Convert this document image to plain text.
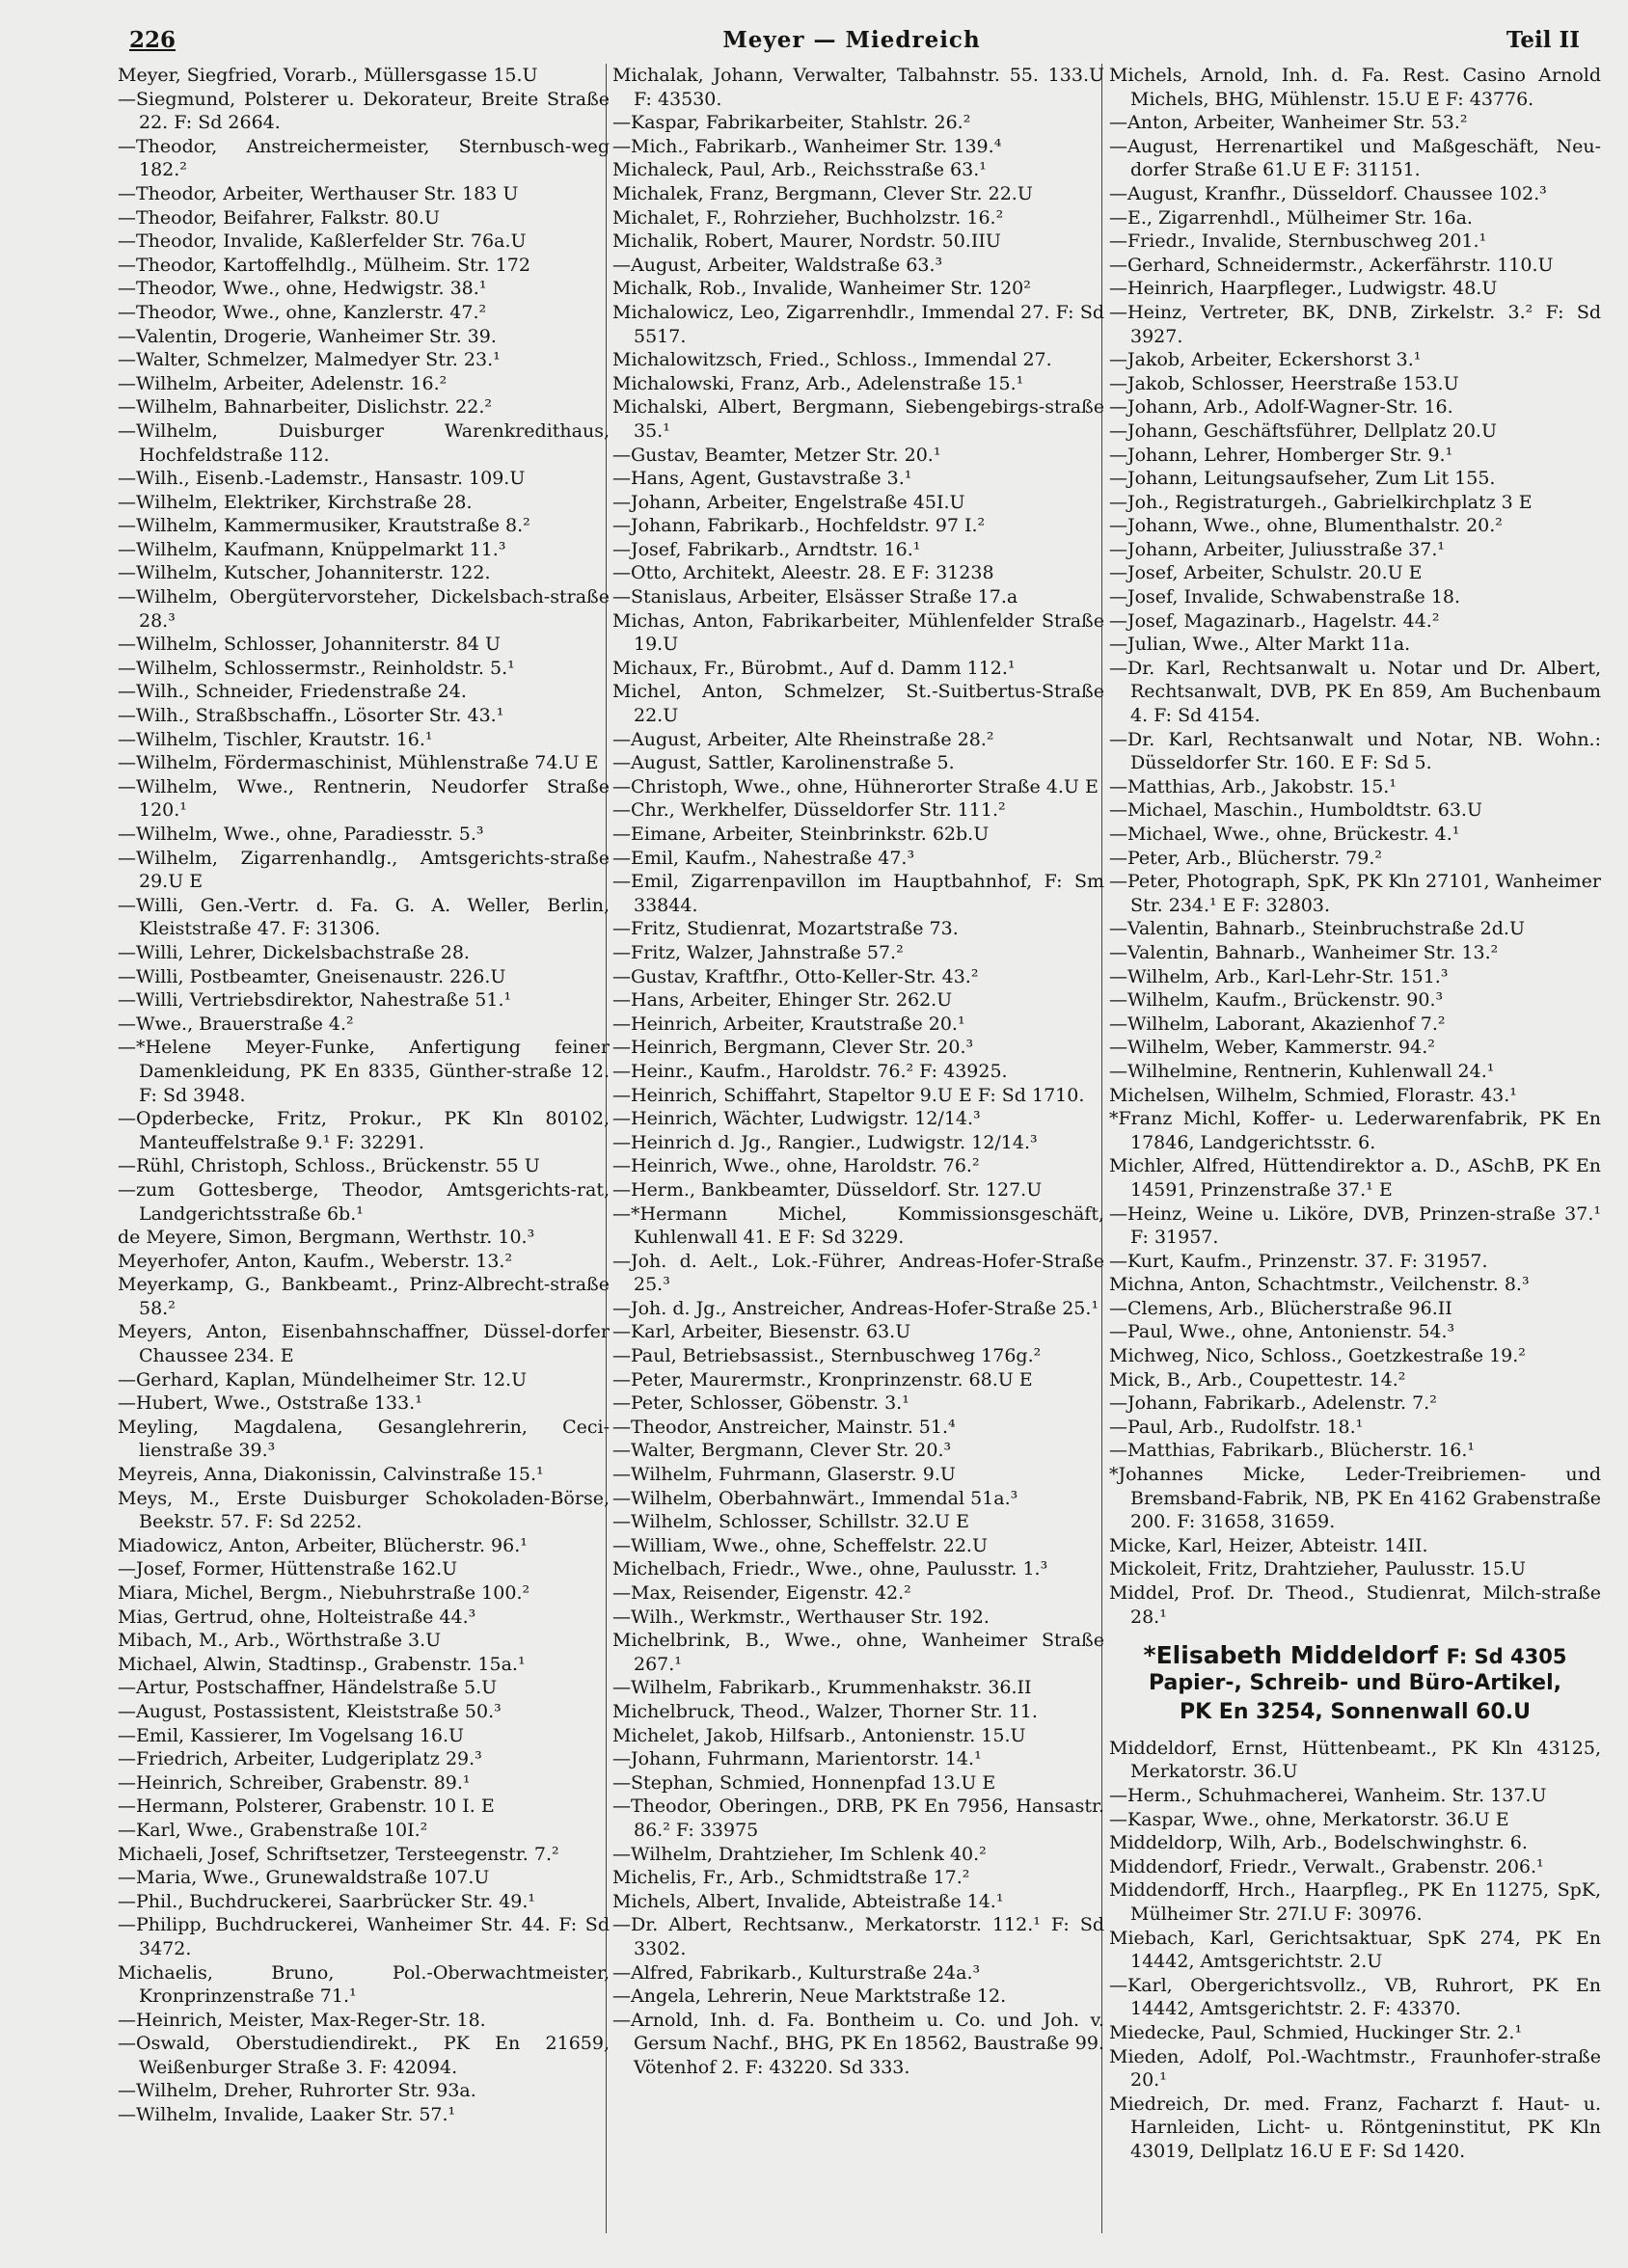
226	Meyer — Miedreich	Teil II

Meyer, Siegfried, Vorarb., Müllersgasse 15.U

—Siegmund, Polsterer u. Dekorateur, Breite Straße 22. F: Sd 2664.

—Theodor, Anstreichermeister, Sternbusch-weg 182.²

—Theodor, Arbeiter, Werthauser Str. 183 U

—Theodor, Beifahrer, Falkstr. 80.U

—Theodor, Invalide, Kaßlerfelder Str. 76a.U

—Theodor, Kartoffelhdlg., Mülheim. Str. 172

—Theodor, Wwe., ohne, Hedwigstr. 38.¹

—Theodor, Wwe., ohne, Kanzlerstr. 47.²

—Valentin, Drogerie, Wanheimer Str. 39.

—Walter, Schmelzer, Malmedyer Str. 23.¹

—Wilhelm, Arbeiter, Adelenstr. 16.²

—Wilhelm, Bahnarbeiter, Dislichstr. 22.²

—Wilhelm, Duisburger Warenkredithaus, Hochfeldstraße 112.

—Wilh., Eisenb.-Lademstr., Hansastr. 109.U

—Wilhelm, Elektriker, Kirchstraße 28.

—Wilhelm, Kammermusiker, Krautstraße 8.²

—Wilhelm, Kaufmann, Knüppelmarkt 11.³

—Wilhelm, Kutscher, Johanniterstr. 122.

—Wilhelm, Obergütervorsteher, Dickelsbach-straße 28.³

—Wilhelm, Schlosser, Johanniterstr. 84 U

—Wilhelm, Schlossermstr., Reinholdstr. 5.¹

—Wilh., Schneider, Friedenstraße 24.

—Wilh., Straßbschaffn., Lösorter Str. 43.¹

—Wilhelm, Tischler, Krautstr. 16.¹

—Wilhelm, Fördermaschinist, Mühlenstraße 74.U E

—Wilhelm, Wwe., Rentnerin, Neudorfer Straße 120.¹

—Wilhelm, Wwe., ohne, Paradiesstr. 5.³

—Wilhelm, Zigarrenhandlg., Amtsgerichts-straße 29.U E

—Willi, Gen.-Vertr. d. Fa. G. A. Weller, Berlin, Kleiststraße 47. F: 31306.

—Willi, Lehrer, Dickelsbachstraße 28.

—Willi, Postbeamter, Gneisenaustr. 226.U

—Willi, Vertriebsdirektor, Nahestraße 51.¹

—Wwe., Brauerstraße 4.²

—*Helene Meyer-Funke, Anfertigung feiner Damenkleidung, PK En 8335, Günther-straße 12. F: Sd 3948.

—Opderbecke, Fritz, Prokur., PK Kln 80102, Manteuffelstraße 9.¹ F: 32291.

—Rühl, Christoph, Schloss., Brückenstr. 55 U

—zum Gottesberge, Theodor, Amtsgerichts-rat, Landgerichtsstraße 6b.¹

de Meyere, Simon, Bergmann, Werthstr. 10.³

Meyerhofer, Anton, Kaufm., Weberstr. 13.²

Meyerkamp, G., Bankbeamt., Prinz-Albrecht-straße 58.²

Meyers, Anton, Eisenbahnschaffner, Düssel-dorfer Chaussee 234. E

—Gerhard, Kaplan, Mündelheimer Str. 12.U

—Hubert, Wwe., Oststraße 133.¹

Meyling, Magdalena, Gesanglehrerin, Ceci-lienstraße 39.³

Meyreis, Anna, Diakonissin, Calvinstraße 15.¹

Meys, M., Erste Duisburger Schokoladen-Börse, Beekstr. 57. F: Sd 2252.

Miadowicz, Anton, Arbeiter, Blücherstr. 96.¹

—Josef, Former, Hüttenstraße 162.U

Miara, Michel, Bergm., Niebuhrstraße 100.²

Mias, Gertrud, ohne, Holteistraße 44.³

Mibach, M., Arb., Wörthstraße 3.U

Michael, Alwin, Stadtinsp., Grabenstr. 15a.¹

—Artur, Postschaffner, Händelstraße 5.U

—August, Postassistent, Kleiststraße 50.³

—Emil, Kassierer, Im Vogelsang 16.U

—Friedrich, Arbeiter, Ludgeriplatz 29.³

—Heinrich, Schreiber, Grabenstr. 89.¹

—Hermann, Polsterer, Grabenstr. 10 I. E

—Karl, Wwe., Grabenstraße 10I.²

Michaeli, Josef, Schriftsetzer, Tersteegenstr. 7.²

—Maria, Wwe., Grunewaldstraße 107.U

—Phil., Buchdruckerei, Saarbrücker Str. 49.¹

—Philipp, Buchdruckerei, Wanheimer Str. 44. F: Sd 3472.

Michaelis, Bruno, Pol.-Oberwachtmeister, Kronprinzenstraße 71.¹

—Heinrich, Meister, Max-Reger-Str. 18.

—Oswald, Oberstudiendirekt., PK En 21659, Weißenburger Straße 3. F: 42094.

—Wilhelm, Dreher, Ruhrorter Str. 93a.

—Wilhelm, Invalide, Laaker Str. 57.¹

Michalak, Johann, Verwalter, Talbahnstr. 55. 133.U F: 43530.

—Kaspar, Fabrikarbeiter, Stahlstr. 26.²

—Mich., Fabrikarb., Wanheimer Str. 139.⁴

Michaleck, Paul, Arb., Reichsstraße 63.¹

Michalek, Franz, Bergmann, Clever Str. 22.U

Michalet, F., Rohrzieher, Buchholzstr. 16.²

Michalik, Robert, Maurer, Nordstr. 50.IIU

—August, Arbeiter, Waldstraße 63.³

Michalk, Rob., Invalide, Wanheimer Str. 120²

Michalowicz, Leo, Zigarrenhdlr., Immendal 27. F: Sd 5517.

Michalowitzsch, Fried., Schloss., Immendal 27.

Michalowski, Franz, Arb., Adelenstraße 15.¹

Michalski, Albert, Bergmann, Siebengebirgs-straße 35.¹

—Gustav, Beamter, Metzer Str. 20.¹

—Hans, Agent, Gustavstraße 3.¹

—Johann, Arbeiter, Engelstraße 45I.U

—Johann, Fabrikarb., Hochfeldstr. 97 I.²

—Josef, Fabrikarb., Arndtstr. 16.¹

—Otto, Architekt, Aleestr. 28. E F: 31238

—Stanislaus, Arbeiter, Elsässer Straße 17.a

Michas, Anton, Fabrikarbeiter, Mühlenfelder Straße 19.U

Michaux, Fr., Bürobmt., Auf d. Damm 112.¹

Michel, Anton, Schmelzer, St.-Suitbertus-Straße 22.U

—August, Arbeiter, Alte Rheinstraße 28.²

—August, Sattler, Karolinenstraße 5.

—Christoph, Wwe., ohne, Hühnerorter Straße 4.U E

—Chr., Werkhelfer, Düsseldorfer Str. 111.²

—Eimane, Arbeiter, Steinbrinkstr. 62b.U

—Emil, Kaufm., Nahestraße 47.³

—Emil, Zigarrenpavillon im Hauptbahnhof, F: Sm 33844.

—Fritz, Studienrat, Mozartstraße 73.

—Fritz, Walzer, Jahnstraße 57.²

—Gustav, Kraftfhr., Otto-Keller-Str. 43.²

—Hans, Arbeiter, Ehinger Str. 262.U

—Heinrich, Arbeiter, Krautstraße 20.¹

—Heinrich, Bergmann, Clever Str. 20.³

—Heinr., Kaufm., Haroldstr. 76.² F: 43925.

—Heinrich, Schiffahrt, Stapeltor 9.U E F: Sd 1710.

—Heinrich, Wächter, Ludwigstr. 12/14.³

—Heinrich d. Jg., Rangier., Ludwigstr. 12/14.³

—Heinrich, Wwe., ohne, Haroldstr. 76.²

—Herm., Bankbeamter, Düsseldorf. Str. 127.U

—*Hermann Michel, Kommissionsgeschäft, Kuhlenwall 41. E F: Sd 3229.

—Joh. d. Aelt., Lok.-Führer, Andreas-Hofer-Straße 25.³

—Joh. d. Jg., Anstreicher, Andreas-Hofer-Straße 25.¹

—Karl, Arbeiter, Biesenstr. 63.U

—Paul, Betriebsassist., Sternbuschweg 176g.²

—Peter, Maurermstr., Kronprinzenstr. 68.U E

—Peter, Schlosser, Göbenstr. 3.¹

—Theodor, Anstreicher, Mainstr. 51.⁴

—Walter, Bergmann, Clever Str. 20.³

—Wilhelm, Fuhrmann, Glaserstr. 9.U

—Wilhelm, Oberbahnwärt., Immendal 51a.³

—Wilhelm, Schlosser, Schillstr. 32.U E

—William, Wwe., ohne, Scheffelstr. 22.U

Michelbach, Friedr., Wwe., ohne, Paulusstr. 1.³

—Max, Reisender, Eigenstr. 42.²

—Wilh., Werkmstr., Werthauser Str. 192.

Michelbrink, B., Wwe., ohne, Wanheimer Straße 267.¹

—Wilhelm, Fabrikarb., Krummenhakstr. 36.II

Michelbruck, Theod., Walzer, Thorner Str. 11.

Michelet, Jakob, Hilfsarb., Antonienstr. 15.U

—Johann, Fuhrmann, Marientorstr. 14.¹

—Stephan, Schmied, Honnenpfad 13.U E

—Theodor, Oberingen., DRB, PK En 7956, Hansastr. 86.² F: 33975

—Wilhelm, Drahtzieher, Im Schlenk 40.²

Michelis, Fr., Arb., Schmidtstraße 17.²

Michels, Albert, Invalide, Abteistraße 14.¹

—Dr. Albert, Rechtsanw., Merkatorstr. 112.¹ F: Sd 3302.

—Alfred, Fabrikarb., Kulturstraße 24a.³

—Angela, Lehrerin, Neue Marktstraße 12.

—Arnold, Inh. d. Fa. Bontheim u. Co. und Joh. v. Gersum Nachf., BHG, PK En 18562, Baustraße 99. Vötenhof 2. F: 43220. Sd 333.

Michels, Arnold, Inh. d. Fa. Rest. Casino Arnold Michels, BHG, Mühlenstr. 15.U E F: 43776.

—Anton, Arbeiter, Wanheimer Str. 53.²

—August, Herrenartikel und Maßgeschäft, Neu-dorfer Straße 61.U E F: 31151.

—August, Kranfhr., Düsseldorf. Chaussee 102.³

—E., Zigarrenhdl., Mülheimer Str. 16a.

—Friedr., Invalide, Sternbuschweg 201.¹

—Gerhard, Schneidermstr., Ackerfährstr. 110.U

—Heinrich, Haarpfleger., Ludwigstr. 48.U

—Heinz, Vertreter, BK, DNB, Zirkelstr. 3.² F: Sd 3927.

—Jakob, Arbeiter, Eckershorst 3.¹

—Jakob, Schlosser, Heerstraße 153.U

—Johann, Arb., Adolf-Wagner-Str. 16.

—Johann, Geschäftsführer, Dellplatz 20.U

—Johann, Lehrer, Homberger Str. 9.¹

—Johann, Leitungsaufseher, Zum Lit 155.

—Joh., Registraturgeh., Gabrielkirchplatz 3 E

—Johann, Wwe., ohne, Blumenthalstr. 20.²

—Johann, Arbeiter, Juliusstraße 37.¹

—Josef, Arbeiter, Schulstr. 20.U E

—Josef, Invalide, Schwabenstraße 18.

—Josef, Magazinarb., Hagelstr. 44.²

—Julian, Wwe., Alter Markt 11a.

—Dr. Karl, Rechtsanwalt u. Notar und Dr. Albert, Rechtsanwalt, DVB, PK En 859, Am Buchenbaum 4. F: Sd 4154.

—Dr. Karl, Rechtsanwalt und Notar, NB. Wohn.: Düsseldorfer Str. 160. E F: Sd 5.

—Matthias, Arb., Jakobstr. 15.¹

—Michael, Maschin., Humboldtstr. 63.U

—Michael, Wwe., ohne, Brückestr. 4.¹

—Peter, Arb., Blücherstr. 79.²

—Peter, Photograph, SpK, PK Kln 27101, Wanheimer Str. 234.¹ E F: 32803.

—Valentin, Bahnarb., Steinbruchstraße 2d.U

—Valentin, Bahnarb., Wanheimer Str. 13.²

—Wilhelm, Arb., Karl-Lehr-Str. 151.³

—Wilhelm, Kaufm., Brückenstr. 90.³

—Wilhelm, Laborant, Akazienhof 7.²

—Wilhelm, Weber, Kammerstr. 94.²

—Wilhelmine, Rentnerin, Kuhlenwall 24.¹

Michelsen, Wilhelm, Schmied, Florastr. 43.¹

*Franz Michl, Koffer- u. Lederwarenfabrik, PK En 17846, Landgerichtsstr. 6.

Michler, Alfred, Hüttendirektor a. D., ASchB, PK En 14591, Prinzenstraße 37.¹ E

—Heinz, Weine u. Liköre, DVB, Prinzen-straße 37.¹ F: 31957.

—Kurt, Kaufm., Prinzenstr. 37. F: 31957.

Michna, Anton, Schachtmstr., Veilchenstr. 8.³

—Clemens, Arb., Blücherstraße 96.II

—Paul, Wwe., ohne, Antonienstr. 54.³

Michweg, Nico, Schloss., Goetzkestraße 19.²

Mick, B., Arb., Coupettestr. 14.²

—Johann, Fabrikarb., Adelenstr. 7.²

—Paul, Arb., Rudolfstr. 18.¹

—Matthias, Fabrikarb., Blücherstr. 16.¹

*Johannes Micke, Leder-Treibriemen- und Bremsband-Fabrik, NB, PK En 4162 Grabenstraße 200. F: 31658, 31659.

Micke, Karl, Heizer, Abteistr. 14II.

Mickoleit, Fritz, Drahtzieher, Paulusstr. 15.U

Middel, Prof. Dr. Theod., Studienrat, Milch-straße 28.¹

*Elisabeth Middeldorf F: Sd 4305
Papier-, Schreib- und Büro-Artikel,
PK En 3254, Sonnenwall 60.U

Middeldorf, Ernst, Hüttenbeamt., PK Kln 43125, Merkatorstr. 36.U

—Herm., Schuhmacherei, Wanheim. Str. 137.U

—Kaspar, Wwe., ohne, Merkatorstr. 36.U E

Middeldorp, Wilh, Arb., Bodelschwinghstr. 6.

Middendorf, Friedr., Verwalt., Grabenstr. 206.¹

Middendorff, Hrch., Haarpfleg., PK En 11275, SpK, Mülheimer Str. 27I.U F: 30976.

Miebach, Karl, Gerichtsaktuar, SpK 274, PK En 14442, Amtsgerichtstr. 2.U

—Karl, Obergerichtsvollz., VB, Ruhrort, PK En 14442, Amtsgerichtstr. 2. F: 43370.

Miedecke, Paul, Schmied, Huckinger Str. 2.¹

Mieden, Adolf, Pol.-Wachtmstr., Fraunhofer-straße 20.¹

Miedreich, Dr. med. Franz, Facharzt f. Haut- u. Harnleiden, Licht- u. Röntgeninstitut, PK Kln 43019, Dellplatz 16.U E F: Sd 1420.
